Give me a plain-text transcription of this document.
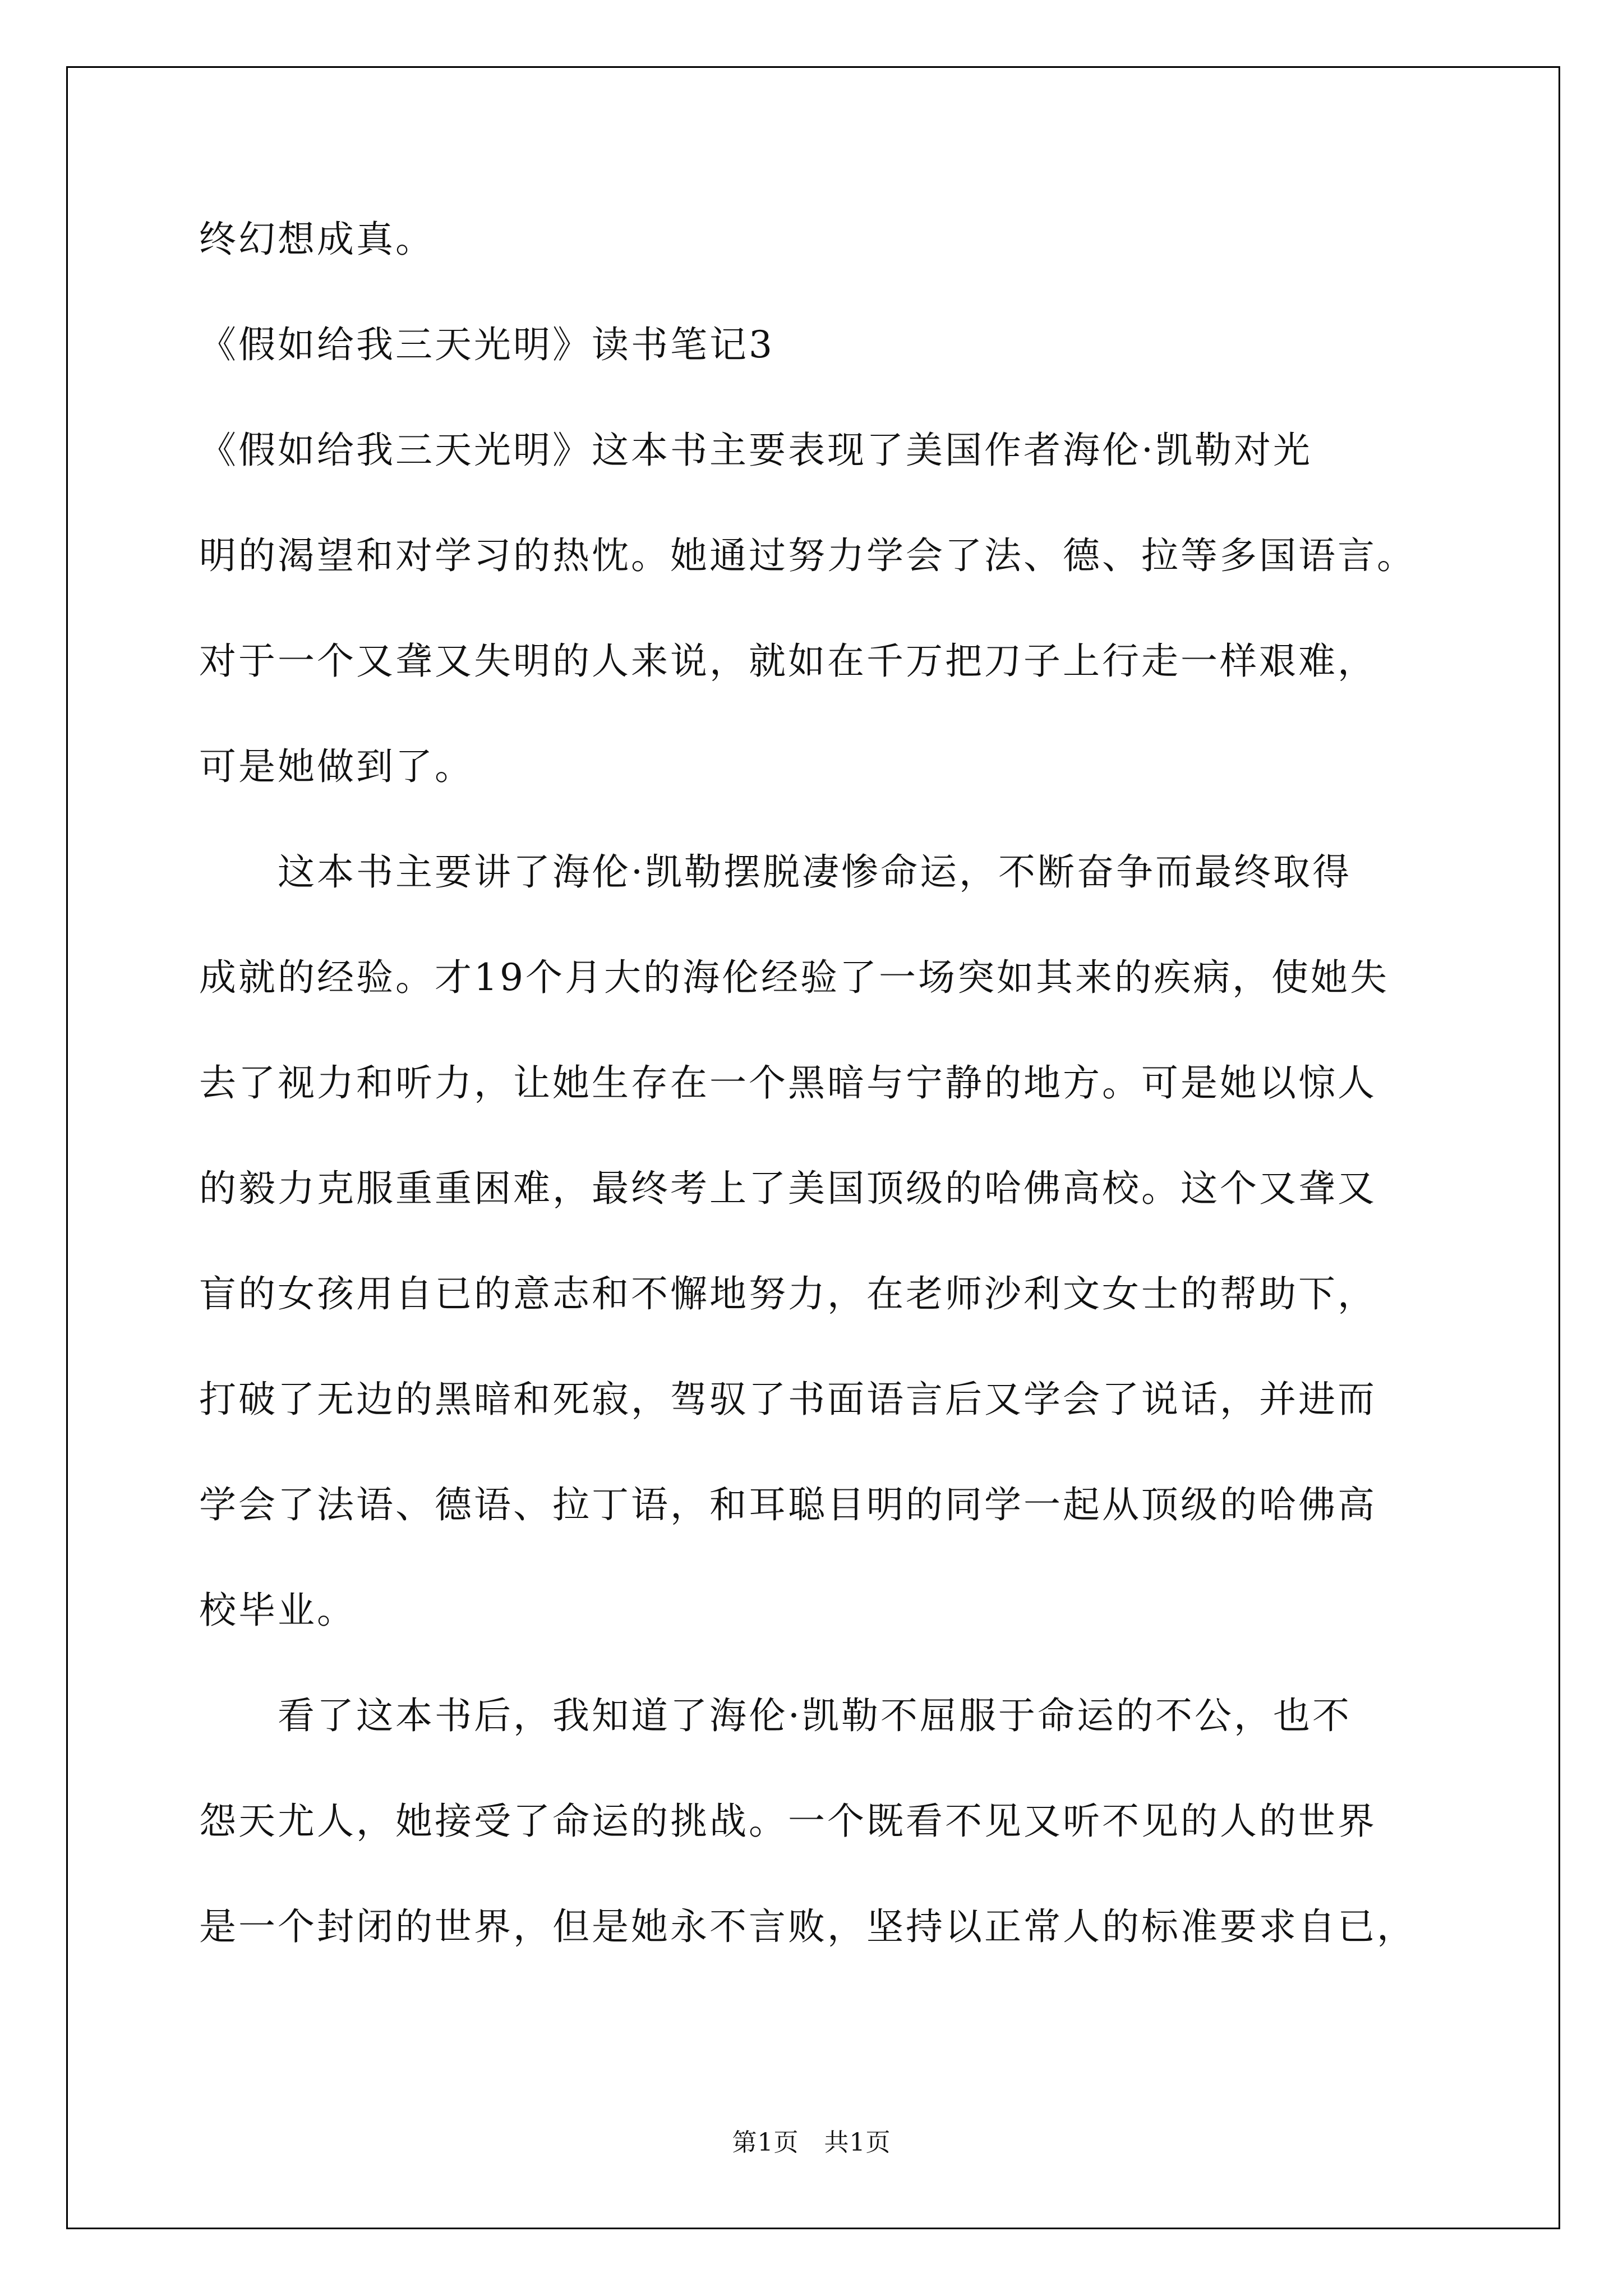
终幻想成真。
《假如给我三天光明》读书笔记3
《假如给我三天光明》这本书主要表现了美国作者海伦·凯勒对光
明的渴望和对学习的热忱。她通过努力学会了法、德、拉等多国语言。
对于一个又聋又失明的人来说，就如在千万把刀子上行走一样艰难，
可是她做到了。
　　这本书主要讲了海伦·凯勒摆脱凄惨命运，不断奋争而最终取得
成就的经验。才19个月大的海伦经验了一场突如其来的疾病，使她失
去了视力和听力，让她生存在一个黑暗与宁静的地方。可是她以惊人
的毅力克服重重困难，最终考上了美国顶级的哈佛高校。这个又聋又
盲的女孩用自已的意志和不懈地努力，在老师沙利文女士的帮助下，
打破了无边的黑暗和死寂，驾驭了书面语言后又学会了说话，并进而
学会了法语、德语、拉丁语，和耳聪目明的同学一起从顶级的哈佛高
校毕业。
　　看了这本书后，我知道了海伦·凯勒不屈服于命运的不公，也不
怨天尤人，她接受了命运的挑战。一个既看不见又听不见的人的世界
是一个封闭的世界，但是她永不言败，坚持以正常人的标准要求自已，
第1页　共1页
